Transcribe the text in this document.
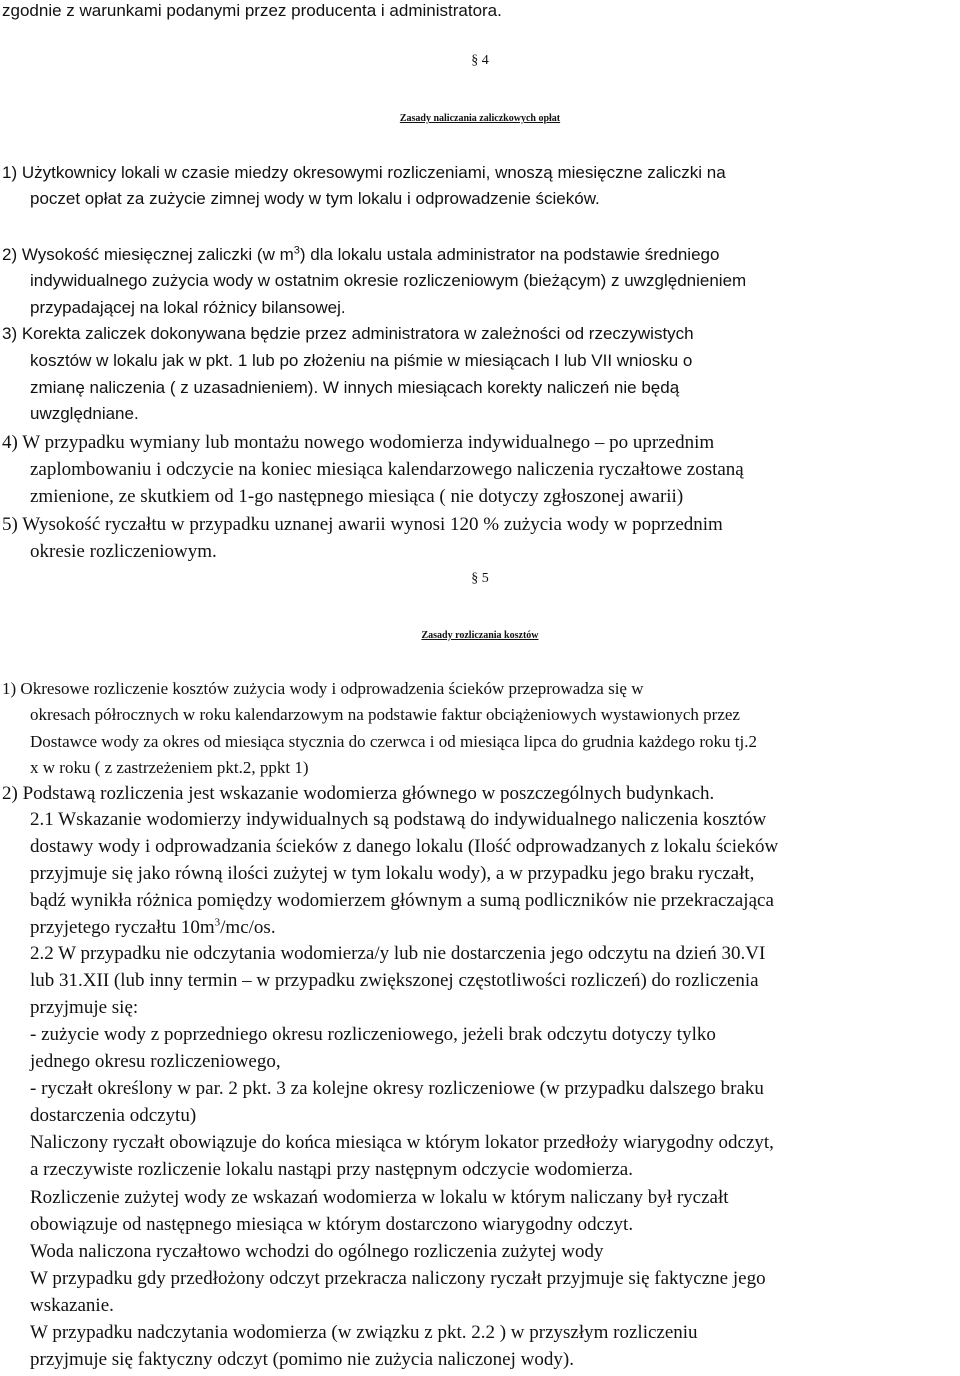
zgodnie z warunkami podanymi przez producenta i administratora.
§ 4
Zasady naliczania zaliczkowych opłat
1) Użytkownicy lokali w czasie miedzy okresowymi rozliczeniami, wnoszą miesięczne zaliczki na
poczet opłat za zużycie zimnej wody w tym lokalu i odprowadzenie ścieków.
2) Wysokość miesięcznej zaliczki (w $m^3$) dla lokalu ustala administrator na podstawie średniego
indywidualnego zużycia wody w ostatnim okresie rozliczeniowym (bieżącym) z uwzględnieniem
przypadającej na lokal różnicy bilansowej.
3) Korekta zaliczek dokonywana będzie przez administratora w zależności od rzeczywistych
kosztów w lokalu jak w pkt. 1 lub po złożeniu na piśmie w miesiącach I lub VII wniosku o
zmianę naliczenia ( z uzasadnieniem). W innych miesiącach korekty naliczeń nie będą
uwzględniane.
4) W przypadku wymiany lub montażu nowego wodomierza indywidualnego – po uprzednim
zaplombowaniu i odczycie na koniec miesiąca kalendarzowego naliczenia ryczałtowe zostaną
zmienione, ze skutkiem od 1-go następnego miesiąca ( nie dotyczy zgłoszonej awarii)
5) Wysokość ryczałtu w przypadku uznanej awarii wynosi 120 % zużycia wody w poprzednim
okresie rozliczeniowym.
§ 5
Zasady rozliczania kosztów
1) Okresowe rozliczenie kosztów zużycia wody i odprowadzenia ścieków przeprowadza się w
okresach półrocznych w roku kalendarzowym na podstawie faktur obciążeniowych wystawionych przez
Dostawce wody za okres od miesiąca stycznia do czerwca i od miesiąca lipca do grudnia każdego roku tj.2
x w roku ( z zastrzeżeniem pkt.2, ppkt 1)
2) Podstawą rozliczenia jest wskazanie wodomierza głównego w poszczególnych budynkach.
2.1 Wskazanie wodomierzy indywidualnych są podstawą do indywidualnego naliczenia kosztów
dostawy wody i odprowadzania ścieków z danego lokalu (Ilość odprowadzanych z lokalu ścieków
przyjmuje się jako równą ilości zużytej w tym lokalu wody), a w przypadku jego braku ryczałt,
bądź wynikła różnica pomiędzy wodomierzem głównym a sumą podliczników nie przekraczająca
przyjetego ryczałtu $10m^3/mc/os$.
2.2 W przypadku nie odczytania wodomierza/y lub nie dostarczenia jego odczytu na dzień 30.VI
lub 31.XII (lub inny termin – w przypadku zwiększonej częstotliwości rozliczeń) do rozliczenia
przyjmuje się:
- zużycie wody z poprzedniego okresu rozliczeniowego, jeżeli brak odczytu dotyczy tylko
jednego okresu rozliczeniowego,
- ryczałt określony w par. 2 pkt. 3 za kolejne okresy rozliczeniowe (w przypadku dalszego braku
dostarczenia odczytu)
Naliczony ryczałt obowiązuje do końca miesiąca w którym lokator przedłoży wiarygodny odczyt,
a rzeczywiste rozliczenie lokalu nastąpi przy następnym odczycie wodomierza.
Rozliczenie zużytej wody ze wskazań wodomierza w lokalu w którym naliczany był ryczałt
obowiązuje od następnego miesiąca w którym dostarczono wiarygodny odczyt.
Woda naliczona ryczałtowo wchodzi do ogólnego rozliczenia zużytej wody
W przypadku gdy przedłożony odczyt przekracza naliczony ryczałt przyjmuje się faktyczne jego
wskazanie.
W przypadku nadczytania wodomierza (w związku z pkt. 2.2 ) w przyszłym rozliczeniu
przyjmuje się faktyczny odczyt (pomimo nie zużycia naliczonej wody).
